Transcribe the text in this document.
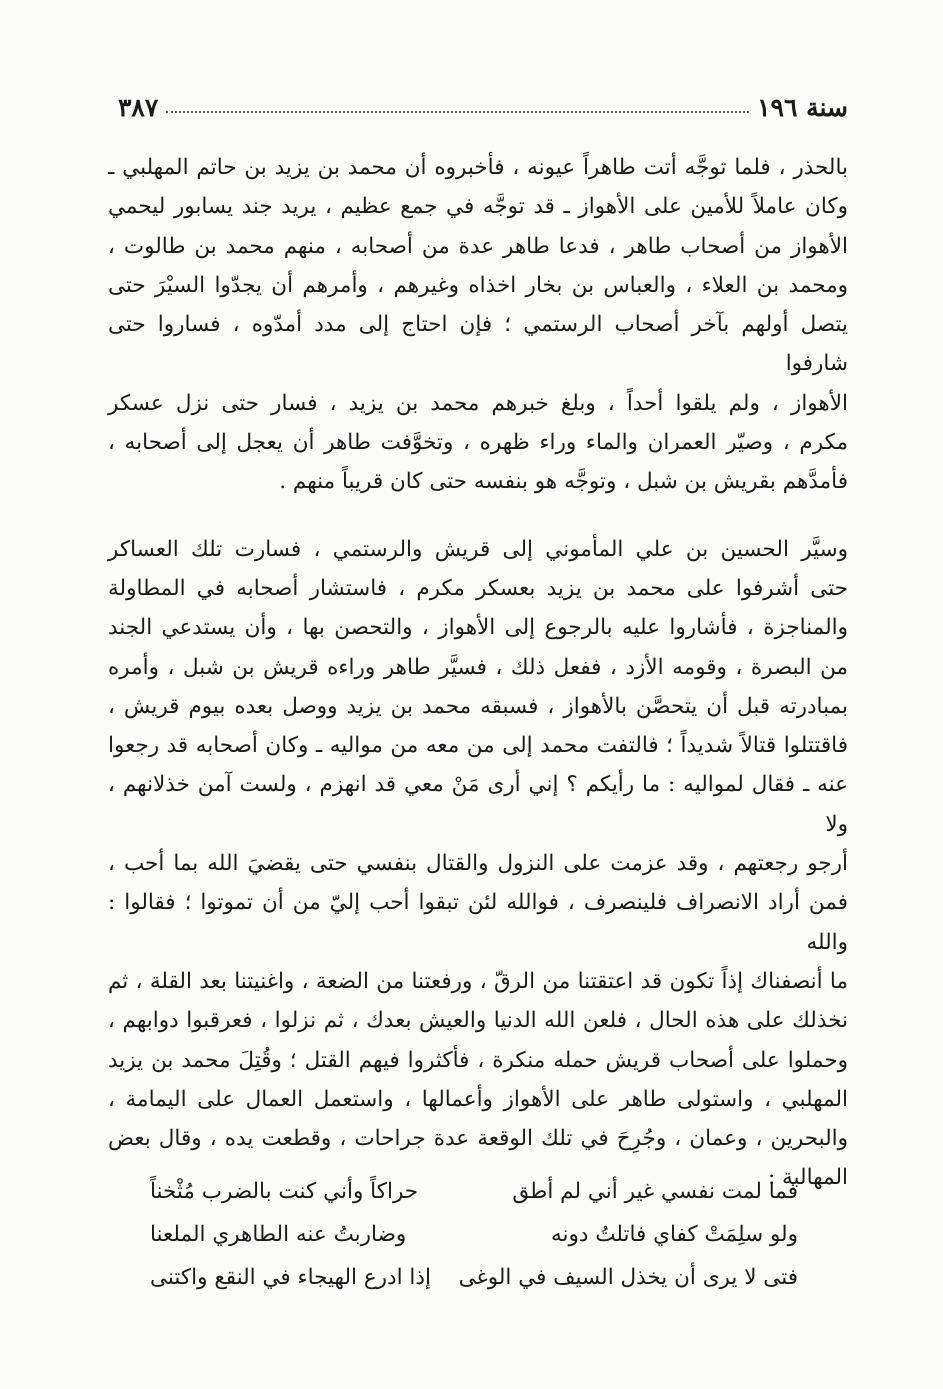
سنة ١٩٦
٣٨٧

بالحذر ، فلما توجَّه أتت طاهراً عيونه ، فأخبروه أن محمد بن يزيد بن حاتم المهلبي ـ

وكان عاملاً للأمين على الأهواز ـ قد توجَّه في جمع عظيم ، يريد جند يسابور ليحمي

الأهواز من أصحاب طاهر ، فدعا طاهر عدة من أصحابه ، منهم محمد بن طالوت ،

ومحمد بن العلاء ، والعباس بن بخار اخذاه وغيرهم ، وأمرهم أن يجدّوا السيْرَ حتى

يتصل أولهم بآخر أصحاب الرستمي ؛ فإن احتاج إلى مدد أمدّوه ، فساروا حتى شارفوا

الأهواز ، ولم يلقوا أحداً ، وبلغ خبرهم محمد بن يزيد ، فسار حتى نزل عسكر

مكرم ، وصيّر العمران والماء وراء ظهره ، وتخوَّفت طاهر أن يعجل إلى أصحابه ،

فأمدَّهم بقريش بن شبل ، وتوجَّه هو بنفسه حتى كان قريباً منهم .

وسيَّر الحسين بن علي المأموني إلى قريش والرستمي ، فسارت تلك العساكر

حتى أشرفوا على محمد بن يزيد بعسكر مكرم ، فاستشار أصحابه في المطاولة

والمناجزة ، فأشاروا عليه بالرجوع إلى الأهواز ، والتحصن بها ، وأن يستدعي الجند

من البصرة ، وقومه الأزد ، ففعل ذلك ، فسيَّر طاهر وراءه قريش بن شبل ، وأمره

بمبادرته قبل أن يتحصَّن بالأهواز ، فسبقه محمد بن يزيد ووصل بعده بيوم قريش ،

فاقتتلوا قتالاً شديداً ؛ فالتفت محمد إلى من معه من مواليه ـ وكان أصحابه قد رجعوا

عنه ـ فقال لمواليه : ما رأيكم ؟ إني أرى مَنْ معي قد انهزم ، ولست آمن خذلانهم ، ولا

أرجو رجعتهم ، وقد عزمت على النزول والقتال بنفسي حتى يقضيَ الله بما أحب ،

فمن أراد الانصراف فلينصرف ، فوالله لئن تبقوا أحب إليّ من أن تموتوا ؛ فقالوا : والله

ما أنصفناك إذاً تكون قد اعتقتنا من الرقّ ، ورفعتنا من الضعة ، واغنيتنا بعد القلة ، ثم

نخذلك على هذه الحال ، فلعن الله الدنيا والعيش بعدك ، ثم نزلوا ، فعرقبوا دوابهم ،

وحملوا على أصحاب قريش حمله منكرة ، فأكثروا فيهم القتل ؛ وقُتِلَ محمد بن يزيد

المهلبي ، واستولى طاهر على الأهواز وأعمالها ، واستعمل العمال على اليمامة ،

والبحرين ، وعمان ، وجُرِحَ في تلك الوقعة عدة جراحات ، وقطعت يده ، وقال بعض

المهالبة :

فما لمت نفسي غير أني لم أطق
حراكاً وأني كنت بالضرب مُثْخناً
ولو سلِمَتْ كفاي فاتلتُ دونه
وضاربتُ عنه الطاهري الملعنا
فتى لا يرى أن يخذل السيف في الوغى
إذا ادرع الهيجاء في النقع واكتنى
